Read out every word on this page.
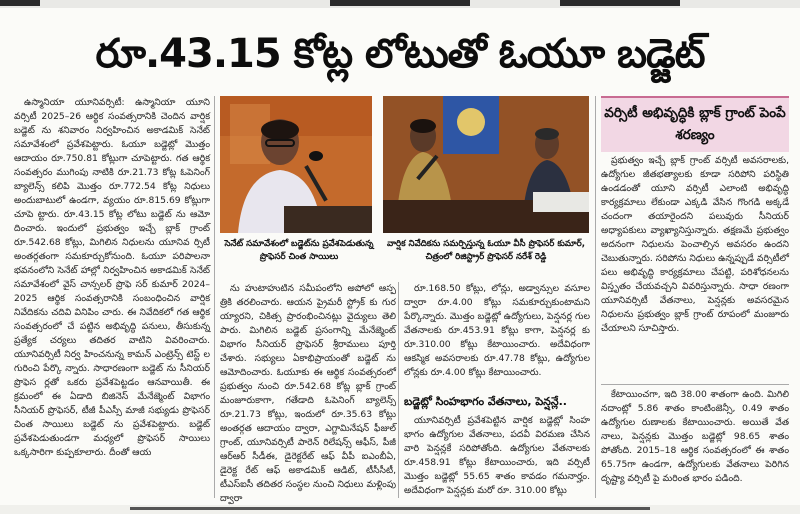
రూ.43.15 కోట్ల లోటుతో ఓయూ బడ్జెట్

ఉస్మానియా యూనివర్సిటీ: ఉస్మానియా యూని వర్సిటీ 2025–26 ఆర్థిక సంవత్సరానికి చెందిన వార్షిక బడ్జెట్ ను శనివారం నిర్వహించిన అకాడమిక్ సెనేట్ సమావేశంలో ప్రవేశపెట్టారు. ఓయూ బడ్జెట్లో మొత్తం ఆదాయం రూ.750.81 కోట్లుగా చూపెట్టారు. గత ఆర్థిక సంవత్సరం ముగింపు నాటికి రూ.21.73 కోట్ల ఓపెనింగ్ బ్యాలెన్స్ కలిపి మొత్తం రూ.772.54 కోట్ల నిధులు అందుబాటులో ఉండగా, వ్యయం రూ.815.69 కోట్లుగా చూపె ట్టారు. రూ.43.15 కోట్ల లోటు బడ్జెట్ ను ఆమో దించారు. ఇందులో ప్రభుత్వం ఇచ్చే బ్లాక్ గ్రాంట్ రూ.542.68 కోట్లు, మిగిలిన నిధులను యూనివ ర్సిటీ అంతర్గతంగా సమకూర్చుకోనుంది. ఓయూ పరిపాలనా భవనంలోని సెనేట్ హాల్లో నిర్వహించిన అకాడమిక్ సెనేట్ సమావేశంలో వైస్ చాన్సలర్ ప్రొఫె సర్ కుమార్ 2024–2025 ఆర్థిక సంవత్సరానికి సంబంధించిన వార్షిక నివేదికను చదివి వినిపిం చారు. ఈ నివేదికలో గత ఆర్థిక సంవత్సరంలో చే పట్టిన అభివృద్ధి పనులు, తీసుకున్న ప్రత్యేక చర్యలు తదితర వాటిని వివరించారు. యూనివర్సిటీ నిర్వ హించనున్న కామన్ ఎంట్రెన్స్ టెస్ట్ ల గురించి పేర్కొ న్నారు. సాధారణంగా బడ్జెట్ ను సీనియర్ ప్రొఫెస ర్లతో ఒకరు ప్రవేశపెట్టడం ఆనవాయితీ. ఈ క్రమంలో ఈ ఏడాది బిజినెస్ మేనేజ్మెంట్ విభాగం సీనియర్ ప్రొఫెసర్, టీజీ పీఎస్సీ మాజీ సభ్యుడు ప్రొఫెసర్ చింత సాయిలు బడ్జెట్ ను ప్రవేశపెట్టారు. బడ్జెట్ ప్రవేశపెడుతుండగా మధ్యలో ప్రొఫెసర్ సాయిలు ఒక్కసారిగా కుప్పకూలారు. దీంతో ఆయ

సెనేట్ సమావేశంలో బడ్జెట్‌ను ప్రవేశపెడుతున్న ప్రొఫెసర్ చింత సాయిలు
వార్షిక నివేదికను సమర్పిస్తున్న ఓయూ వీసీ ప్రొఫెసర్ కుమార్, చిత్రంలో రిజిస్ట్రార్ ప్రొఫెసర్ నరేశ్ రెడ్డి

ను హుటాహుటిన సమీపంలోని అపోలో ఆస్ప త్రికి తరలించారు. ఆయన ప్రైమరీ స్ట్రోక్ కు గుర య్యారని, చికిత్స ప్రారంభించినట్లు వైద్యులు తెలి పారు. మిగిలిన బడ్జెట్ ప్రసంగాన్ని మేనేజ్మెంట్ విభాగం సీనియర్ ప్రొఫెసర్ శ్రీరాములు పూర్తి చేశారు. సభ్యులు ఏకాభిప్రాయంతో బడ్జెట్ ను ఆమోదించారు. ఓయూకు ఈ ఆర్థిక సంవత్సరంలో ప్రభుత్వం నుంచి రూ.542.68 కోట్ల బ్లాక్ గ్రాంట్ మంజూరుకాగా, గతేడాది ఓపెనింగ్ బ్యాలెన్స్ రూ.21.73 కోట్లు, ఇందులో రూ.35.63 కోట్లు అంతర్గత ఆదాయం ద్వారా, ఎగ్జామినేషన్ ఫీజుల్ గ్రాంట్, యూనివర్సిటీ పారెన్ రిలేషన్స్ ఆఫీస్, పీజీ ఆర్ఆర్ సీడీఈ, డైరెక్టరేట్ ఆఫ్ వీపీ ఐఎంబీఏ, డైరెక్ట రేట్ ఆఫ్ అకాడమిక్ ఆడిట్, టీసీసీటీ, టీఎస్ఐసీ తదితర సంస్థల నుంచి నిధులు మళ్లింపు ద్వారా

రూ.168.50 కోట్లు, లోన్లు, అడ్వాన్సుల వసూల ద్వారా రూ.4.00 కోట్లు సమకూర్చుకుంటామని పేర్కొన్నారు. మొత్తం బడ్జెట్లో ఉద్యోగులు, పెన్షనర్ల గుల వేతనాలకు రూ.453.91 కోట్లు కాగా, పెన్షనర్ల కు రూ.310.00 కోట్లు కేటాయించారు. అదేవిధంగా ఆకస్మిక అవసరాలకు రూ.47.78 కోట్లు, ఉద్యోగుల లోన్లకు రూ.4.00 కోట్లు కేటాయించారు.

బడ్జెట్లో సింహభాగం వేతనాలు, పెన్షన్లే..

యూనివర్సిటీ ప్రవేశపెట్టిన వార్షిక బడ్జెట్లో సింహ భాగం ఉద్యోగుల వేతనాలు, పదవీ విరమణ చేసిన వారి పెన్షన్లకే సరిపోతోంది. ఉద్యోగుల వేతనాలకు రూ.458.91 కోట్లు కేటాయించారు, ఇది వర్సిటీ మొత్తం బడ్జెట్లో 55.65 శాతం కావడం గమనార్హం. అదేవిధంగా పెన్షన్లకు మరో రూ. 310.00 కోట్లు

వర్సిటీ అభివృద్ధికి బ్లాక్ గ్రాంట్ పెంపే శరణ్యం

ప్రభుత్వం ఇచ్చే బ్లాక్ గ్రాంట్ వర్సిటీ అవసరాలకు, ఉద్యోగుల జీతభత్యాలకు కూడా సరిపోని పరిస్థితి ఉండడంతో యూని వర్సిటీ ఎలాంటి అభివృద్ధి కార్యక్రమాలు లేకుండా ఎక్కడి వేసిన గొంగడి అక్కడే చందంగా తయారైందని పలువురు సీనియర్ అధ్యాపకులు వ్యాఖ్యానిస్తున్నారు. తక్షణమే ప్రభుత్వం అదనంగా నిధులను పెంచాల్సిన అవసరం ఉందని చెబుతున్నారు. సరిపోను నిధులు ఉన్నప్పుడే వర్సిటీలో పలు అభివృద్ధి కార్యక్రమాలు చేపట్టి, పరిశోధనలను విస్తృతం చేయవచ్చని వివరిస్తున్నారు. సాధా రణంగా యూనివర్సిటీ వేతనాలు, పెన్షన్లకు అవసరమైన నిధులను ప్రభుత్వం బ్లాక్ గ్రాంట్ రూపంలో మంజూరు చేయాలని సూచిస్తారు.

కేటాయించగా, ఇది 38.00 శాతంగా ఉంది. మిగిలి నదాంట్లో 5.86 శాతం కాంటింజెన్సీ, 0.49 శాతం ఉద్యోగుల రుణాలకు కేటాయించారు. అయితే వేత నాలు, పెన్షన్లకు మొత్తం బడ్జెట్లో 98.65 శాతం పోతోంది. 2015–18 ఆర్థిక సంవత్సరంలో ఈ శాతం 65.75గా ఉండగా, ఉద్యోగులకు వేతనాలు పెరిగిన దృష్ట్యా వర్సిటీ పై మరింత భారం పడింది.
